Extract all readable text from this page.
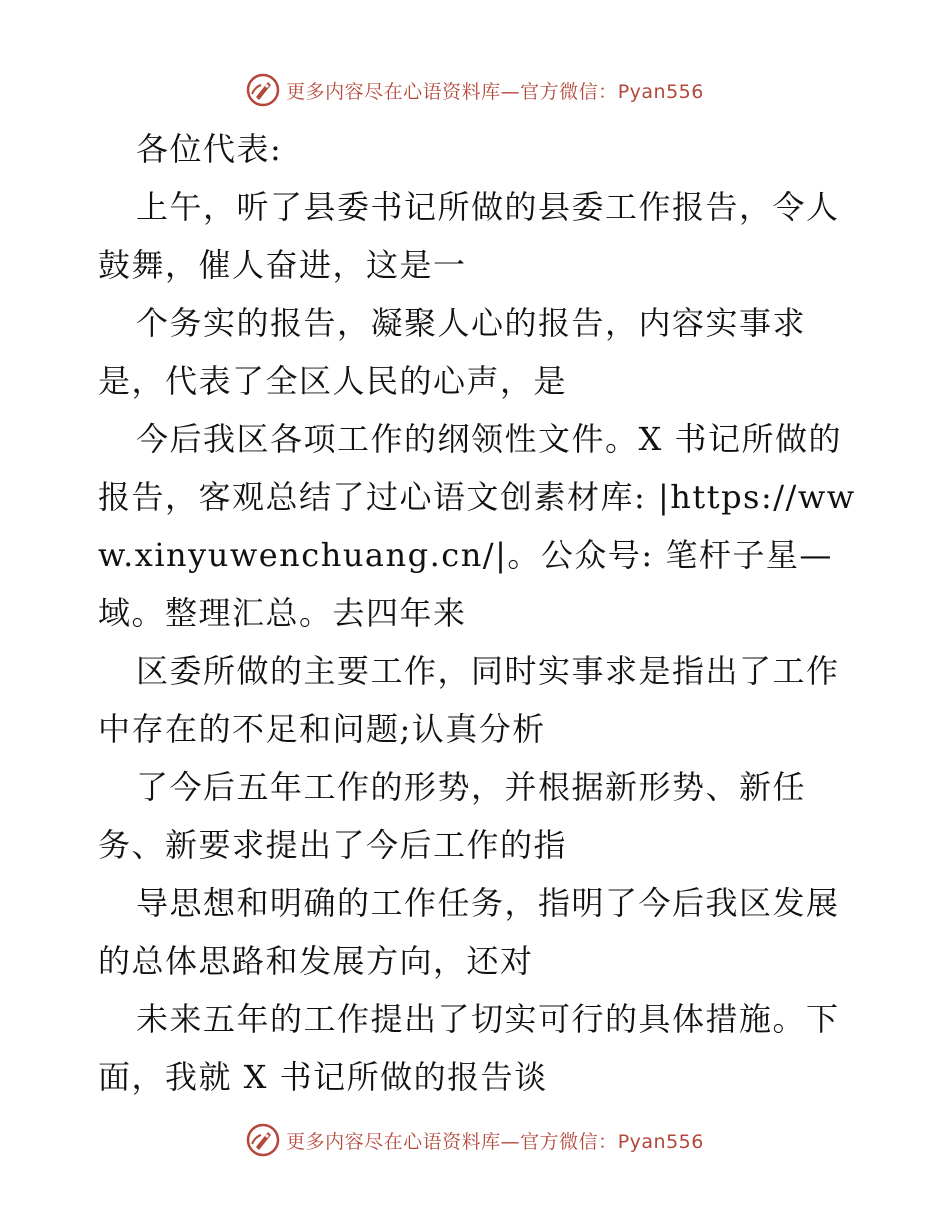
更多内容尽在心语资料库—官方微信：Pyan556

各位代表:

上午，听了县委书记所做的县委工作报告，令人鼓舞，催人奋进，这是一

个务实的报告，凝聚人心的报告，内容实事求是，代表了全区人民的心声，是

今后我区各项工作的纲领性文件。X 书记所做的报告，客观总结了过心语文创素材库: |https://www.xinyuwenchuang.cn/|。公众号: 笔杆子星—域。整理汇总。去四年来

区委所做的主要工作，同时实事求是指出了工作中存在的不足和问题;认真分析

了今后五年工作的形势，并根据新形势、新任务、新要求提出了今后工作的指

导思想和明确的工作任务，指明了今后我区发展的总体思路和发展方向，还对

未来五年的工作提出了切实可行的具体措施。下面，我就 X 书记所做的报告谈

更多内容尽在心语资料库—官方微信：Pyan556
